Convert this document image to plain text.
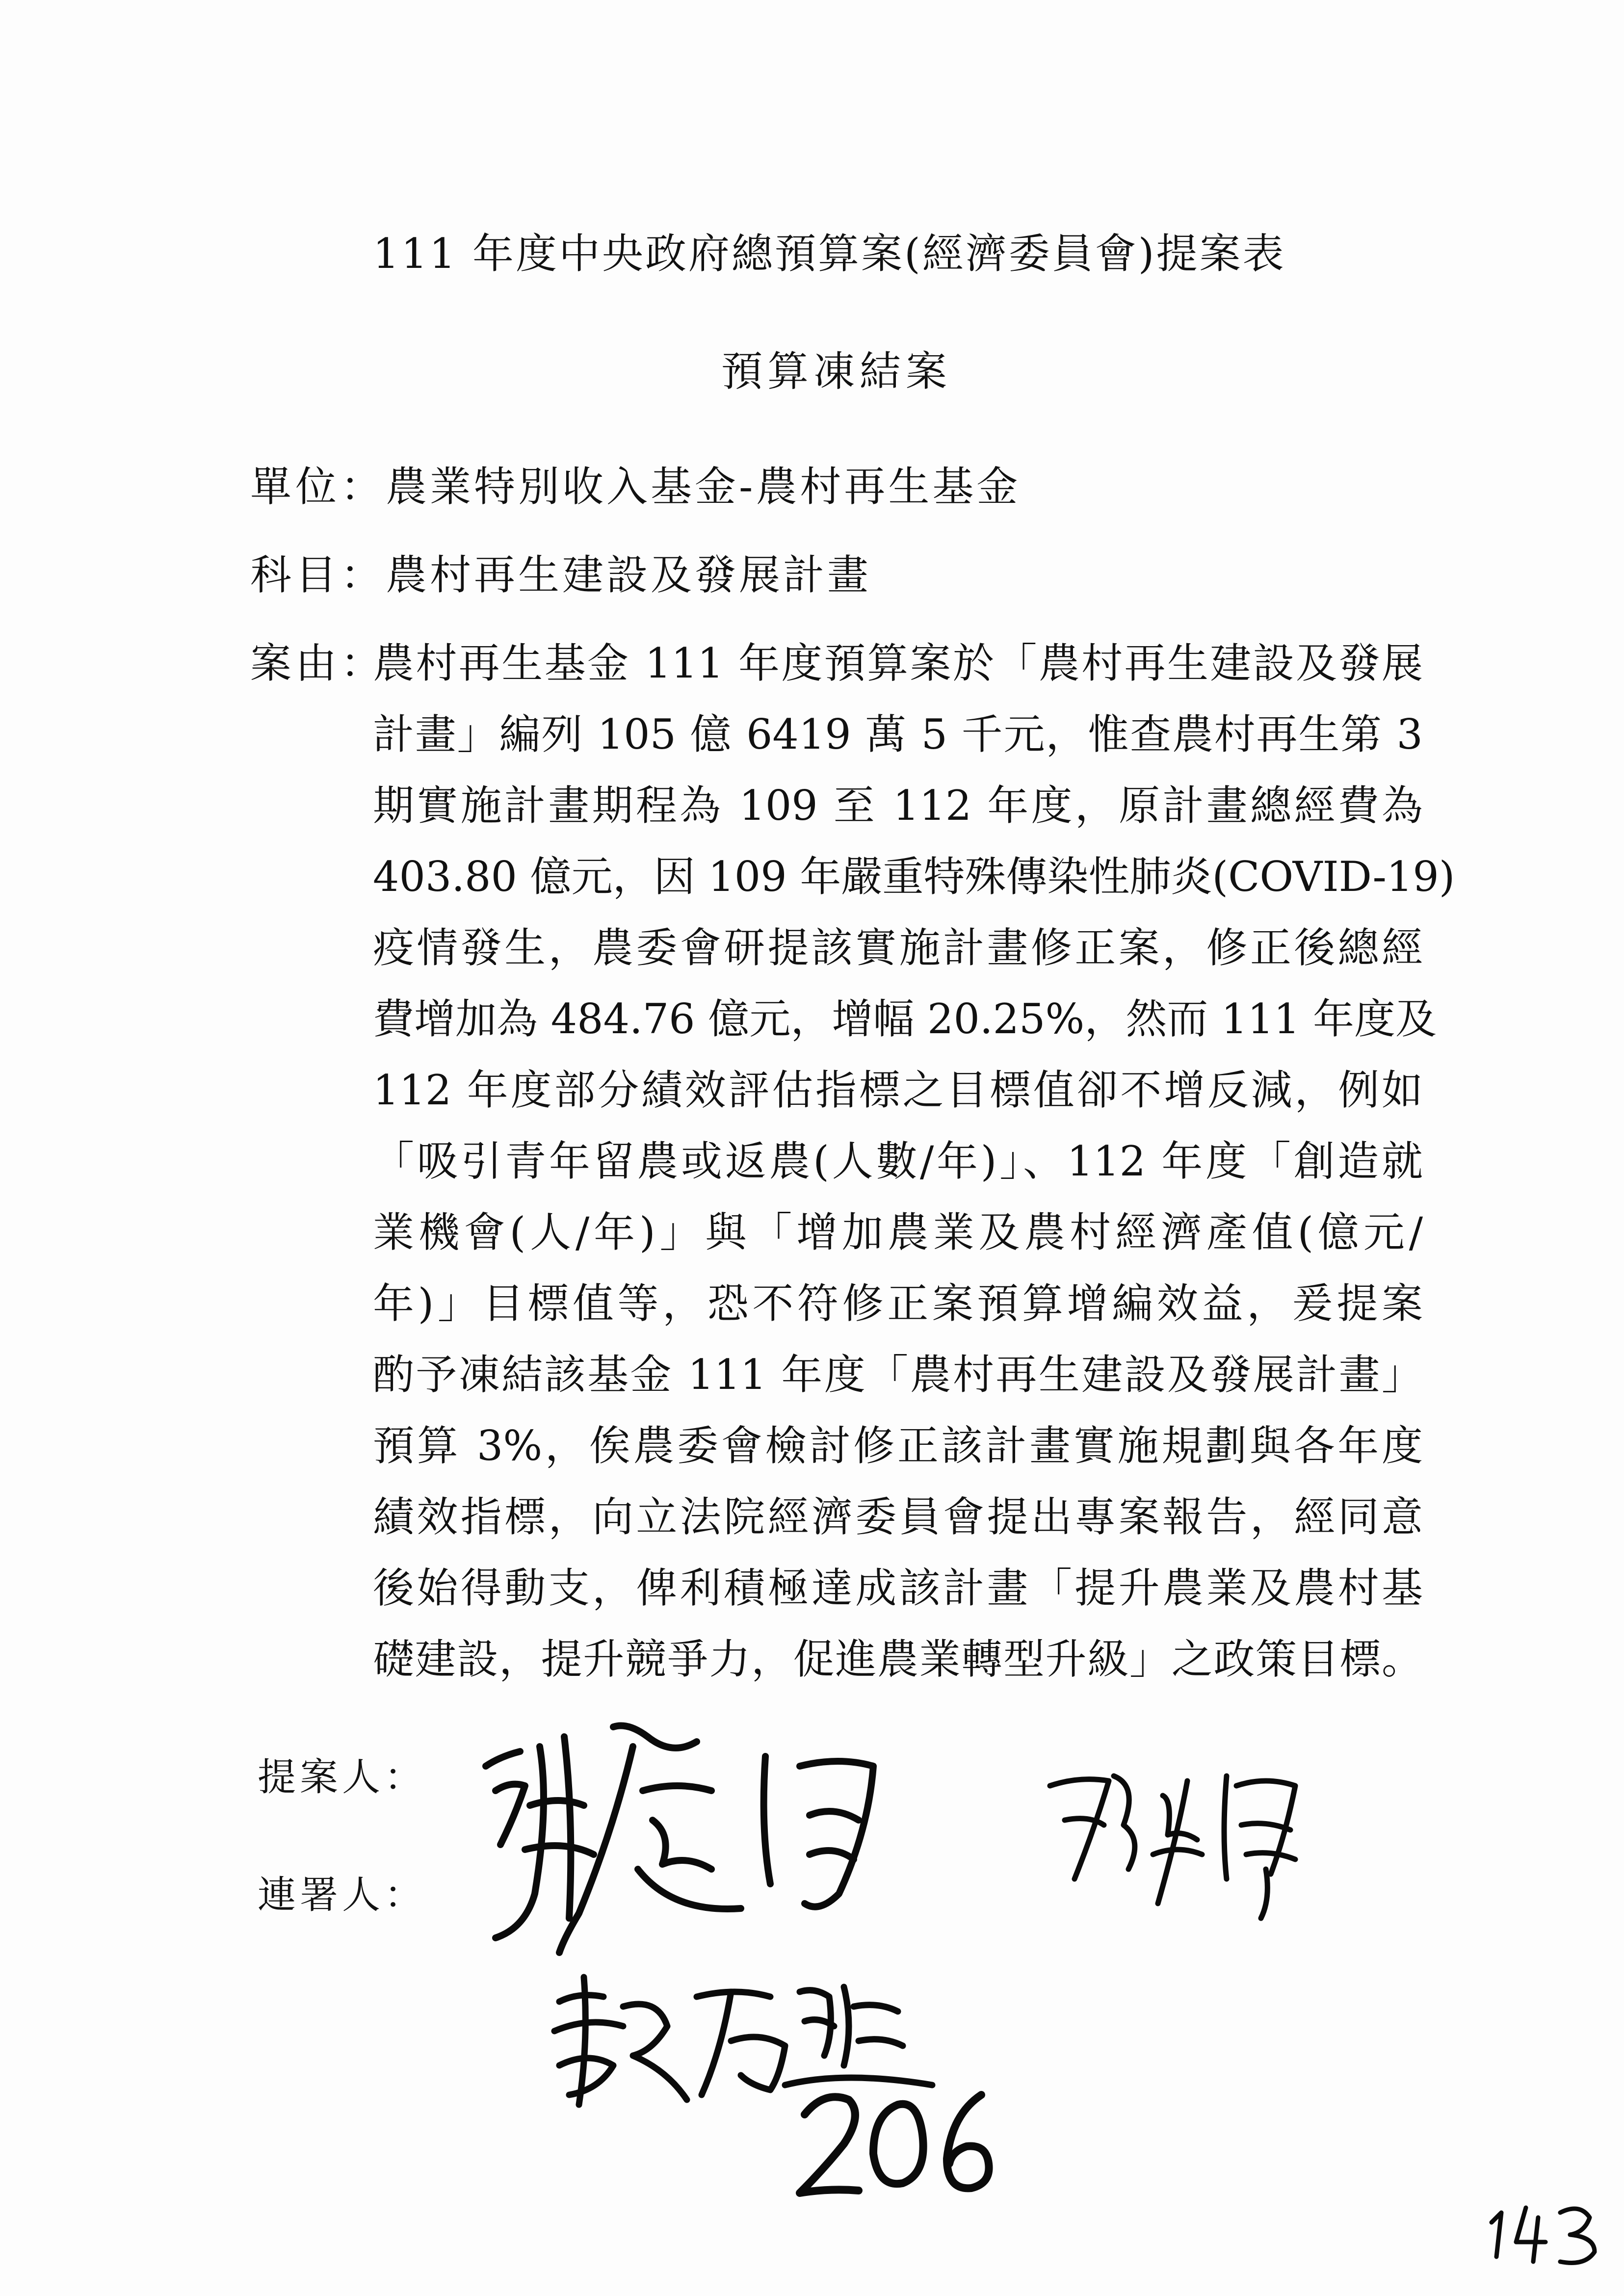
111 年度中央政府總預算案(經濟委員會)提案表
預算凍結案
單位：農業特別收入基金-農村再生基金
科目：農村再生建設及發展計畫
案由：
農村再生基金 111 年度預算案於「農村再生建設及發展
計畫」編列 105 億 6419 萬 5 千元，惟查農村再生第 3
期實施計畫期程為 109 至 112 年度，原計畫總經費為
403.80 億元，因 109 年嚴重特殊傳染性肺炎(COVID-19)
疫情發生，農委會研提該實施計畫修正案，修正後總經
費增加為 484.76 億元，增幅 20.25%，然而 111 年度及
112 年度部分績效評估指標之目標值卻不增反減，例如
「吸引青年留農或返農(人數/年)」、112 年度「創造就
業機會(人/年)」與「增加農業及農村經濟產值(億元/
年)」目標值等，恐不符修正案預算增編效益，爰提案
酌予凍結該基金 111 年度「農村再生建設及發展計畫」
預算 3%，俟農委會檢討修正該計畫實施規劃與各年度
績效指標，向立法院經濟委員會提出專案報告，經同意
後始得動支，俾利積極達成該計畫「提升農業及農村基
礎建設，提升競爭力，促進農業轉型升級」之政策目標。
提案人：
連署人：
